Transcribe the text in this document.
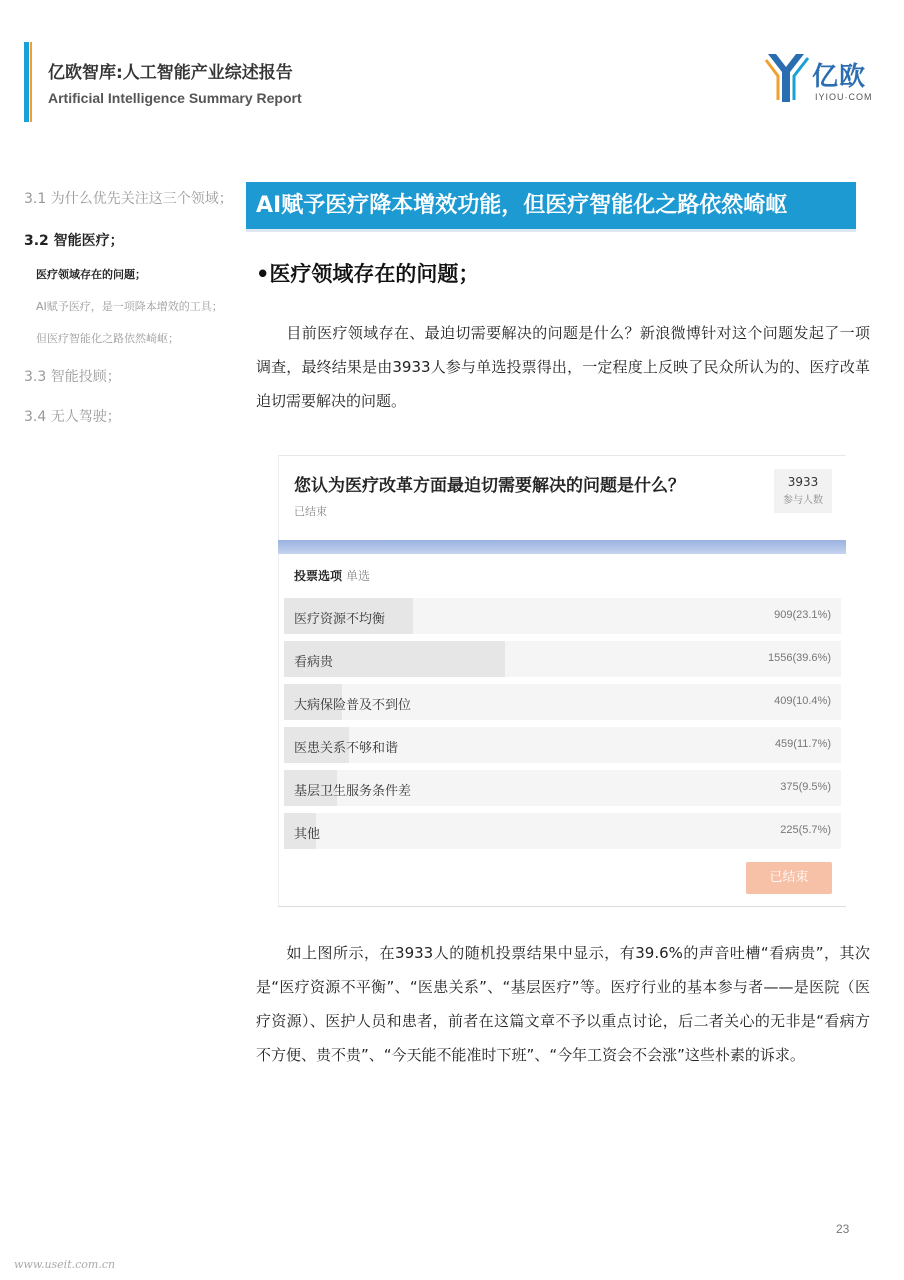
亿欧智库:人工智能产业综述报告
Artificial Intelligence Summary Report
亿欧
IYIOU·COM
3.1 为什么优先关注这三个领域；
3.2 智能医疗；
医疗领域存在的问题；
AI赋予医疗，是一项降本增效的工具；
但医疗智能化之路依然崎岖；
3.3 智能投顾；
3.4 无人驾驶；
AI赋予医疗降本增效功能，但医疗智能化之路依然崎岖
•医疗领域存在的问题；
目前医疗领域存在、最迫切需要解决的问题是什么？新浪微博针对这个问题发起了一项调查，最终结果是由3933人参与单选投票得出，一定程度上反映了民众所认为的、医疗改革迫切需要解决的问题。
您认为医疗改革方面最迫切需要解决的问题是什么？
已结束
3933
参与人数
投票选项 单选
医疗资源不均衡	909(23.1%)
看病贵	1556(39.6%)
大病保险普及不到位	409(10.4%)
医患关系不够和谐	459(11.7%)
基层卫生服务条件差	375(9.5%)
其他	225(5.7%)
已结束
如上图所示，在3933人的随机投票结果中显示，有39.6%的声音吐槽“看病贵”，其次是“医疗资源不平衡”、“医患关系”、“基层医疗”等。医疗行业的基本参与者——是医院（医疗资源）、医护人员和患者，前者在这篇文章不予以重点讨论，后二者关心的无非是“看病方不方便、贵不贵”、“今天能不能准时下班”、“今年工资会不会涨”这些朴素的诉求。
23
www.useit.com.cn
